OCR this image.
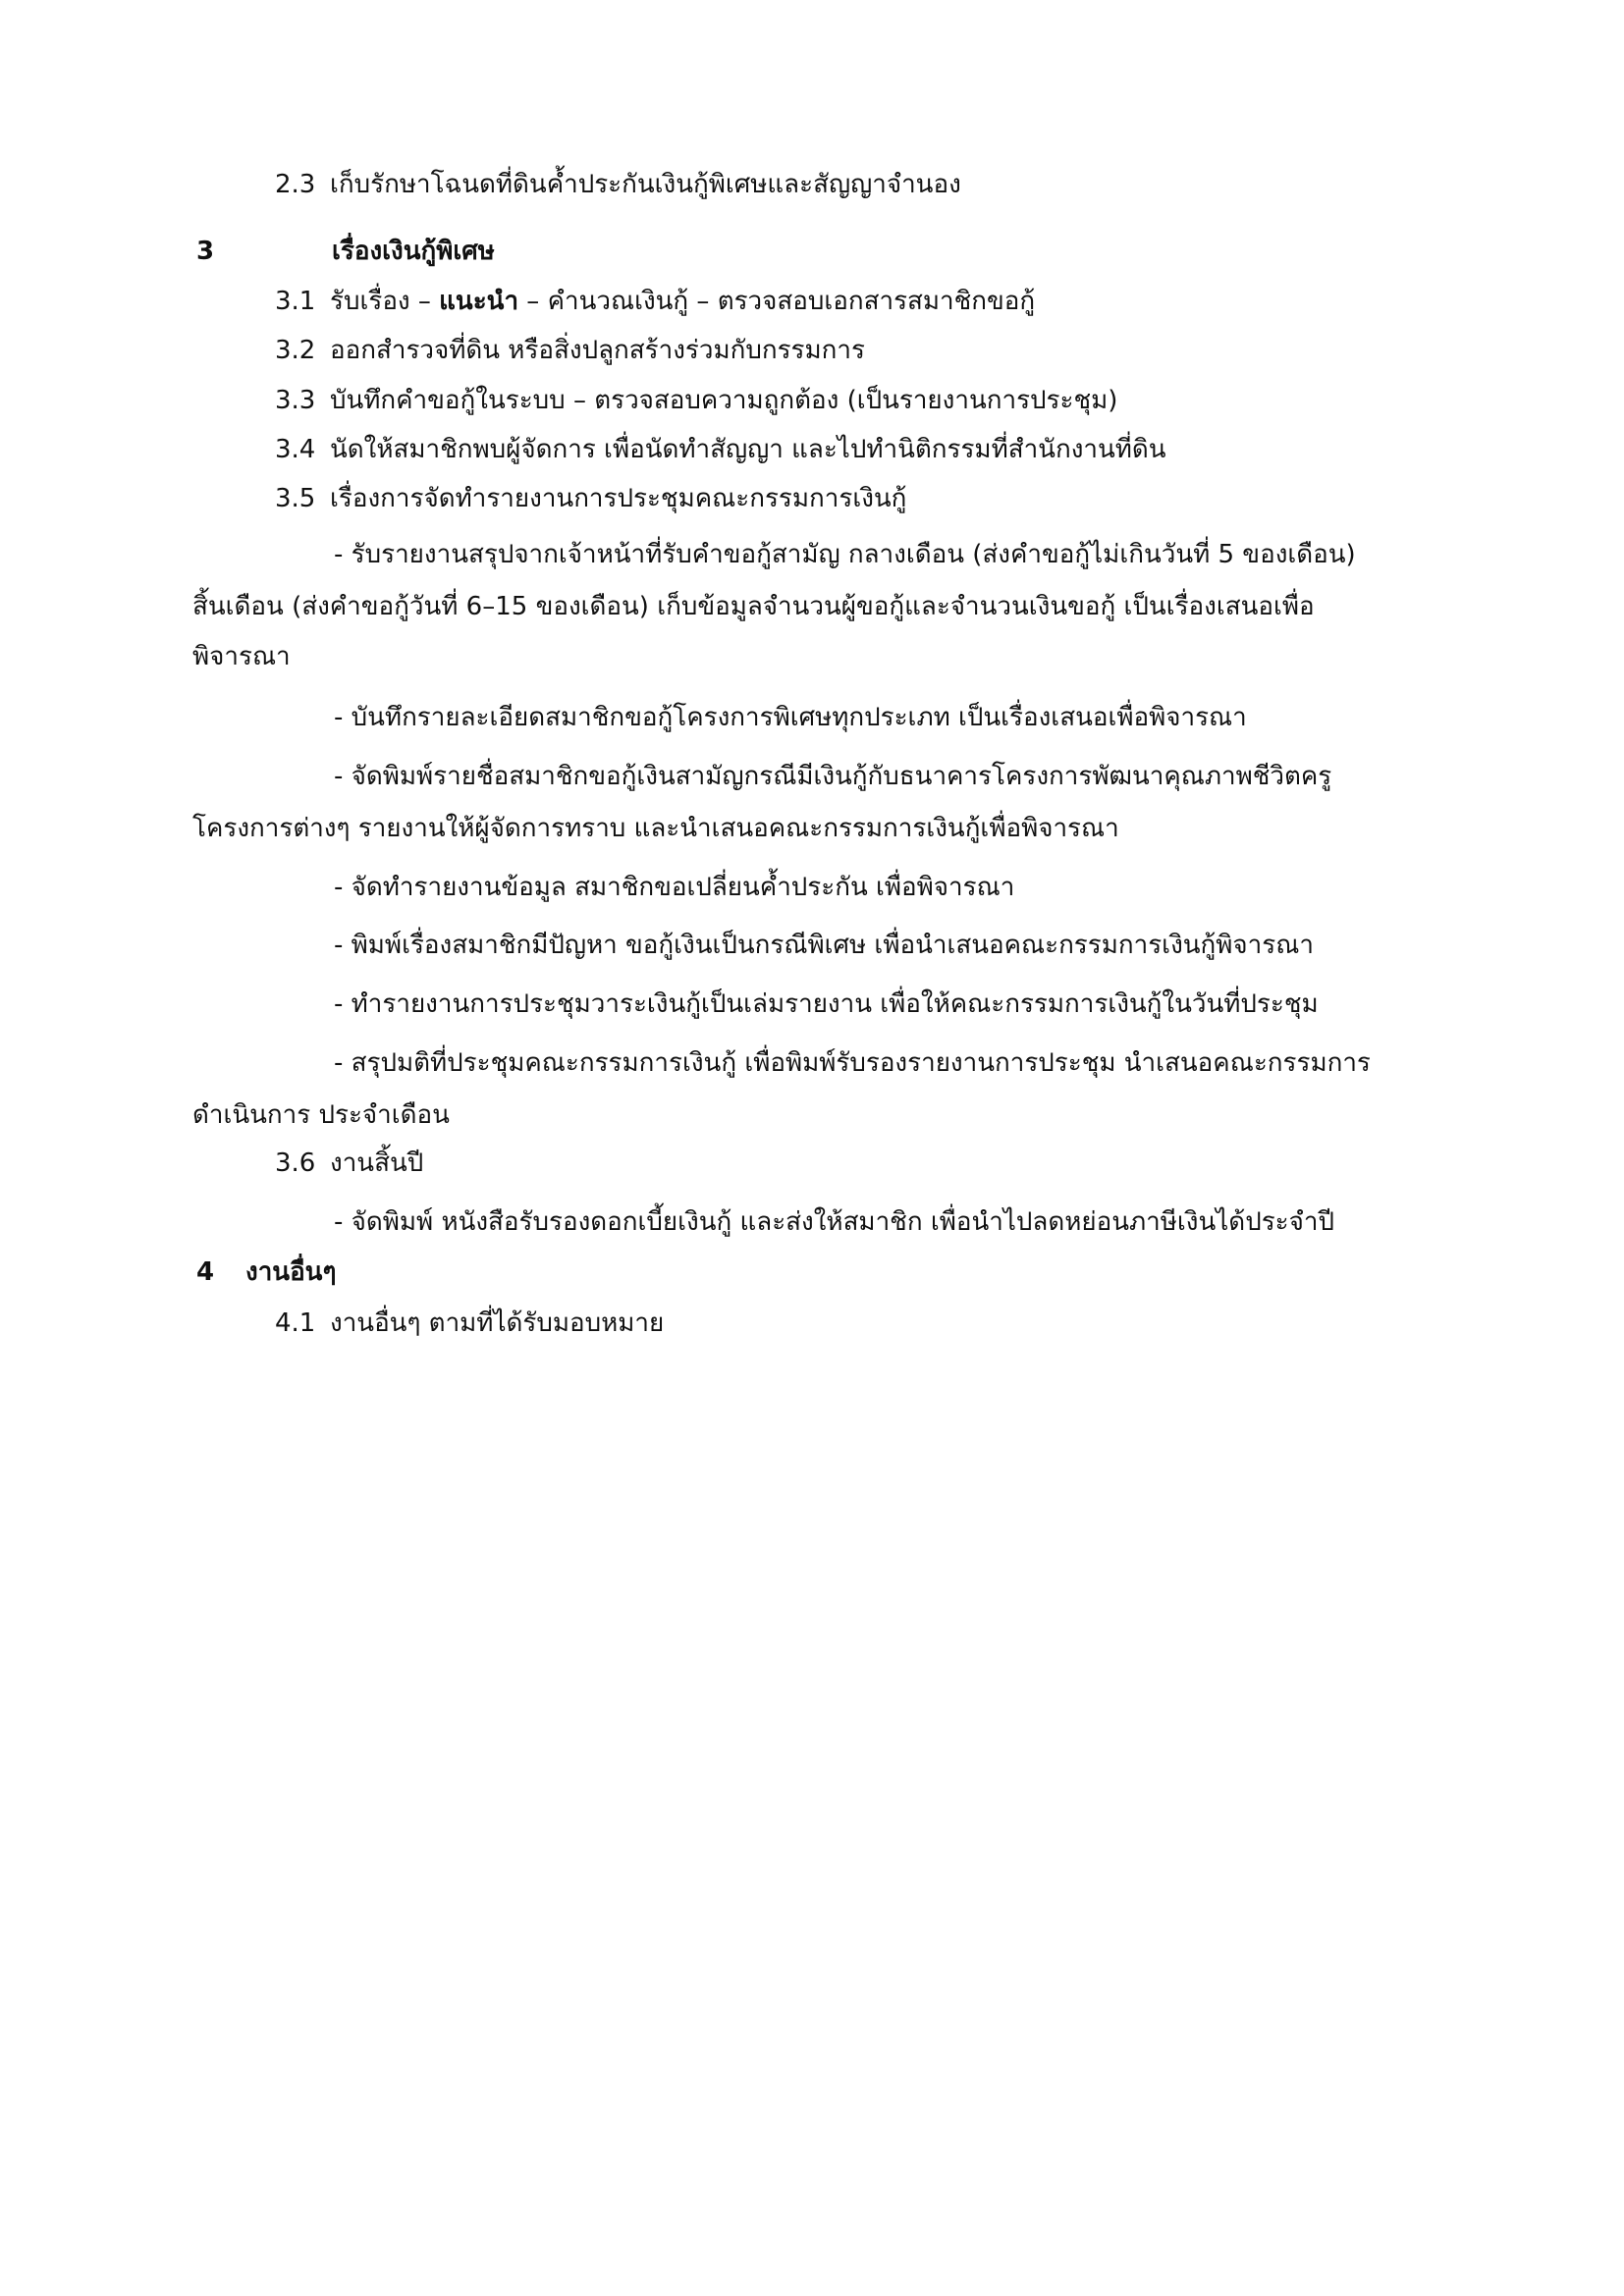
2.3 เก็บรักษาโฉนดที่ดินค้ำประกันเงินกู้พิเศษและสัญญาจำนอง
3	เรื่องเงินกู้พิเศษ
3.1 รับเรื่อง – แนะนำ – คำนวณเงินกู้ – ตรวจสอบเอกสารสมาชิกขอกู้
3.2 ออกสำรวจที่ดิน หรือสิ่งปลูกสร้างร่วมกับกรรมการ
3.3 บันทึกคำขอกู้ในระบบ – ตรวจสอบความถูกต้อง (เป็นรายงานการประชุม)
3.4 นัดให้สมาชิกพบผู้จัดการ เพื่อนัดทำสัญญา และไปทำนิติกรรมที่สำนักงานที่ดิน
3.5 เรื่องการจัดทำรายงานการประชุมคณะกรรมการเงินกู้
- รับรายงานสรุปจากเจ้าหน้าที่รับคำขอกู้สามัญ กลางเดือน (ส่งคำขอกู้ไม่เกินวันที่ 5 ของเดือน)
สิ้นเดือน (ส่งคำขอกู้วันที่ 6–15 ของเดือน) เก็บข้อมูลจำนวนผู้ขอกู้และจำนวนเงินขอกู้ เป็นเรื่องเสนอเพื่อ
พิจารณา
- บันทึกรายละเอียดสมาชิกขอกู้โครงการพิเศษทุกประเภท เป็นเรื่องเสนอเพื่อพิจารณา
- จัดพิมพ์รายชื่อสมาชิกขอกู้เงินสามัญกรณีมีเงินกู้กับธนาคารโครงการพัฒนาคุณภาพชีวิตครู
โครงการต่างๆ รายงานให้ผู้จัดการทราบ และนำเสนอคณะกรรมการเงินกู้เพื่อพิจารณา
- จัดทำรายงานข้อมูล สมาชิกขอเปลี่ยนค้ำประกัน เพื่อพิจารณา
- พิมพ์เรื่องสมาชิกมีปัญหา ขอกู้เงินเป็นกรณีพิเศษ เพื่อนำเสนอคณะกรรมการเงินกู้พิจารณา
- ทำรายงานการประชุมวาระเงินกู้เป็นเล่มรายงาน เพื่อให้คณะกรรมการเงินกู้ในวันที่ประชุม
- สรุปมติที่ประชุมคณะกรรมการเงินกู้ เพื่อพิมพ์รับรองรายงานการประชุม นำเสนอคณะกรรมการ
ดำเนินการ ประจำเดือน
3.6 งานสิ้นปี
- จัดพิมพ์ หนังสือรับรองดอกเบี้ยเงินกู้ และส่งให้สมาชิก เพื่อนำไปลดหย่อนภาษีเงินได้ประจำปี
4 งานอื่นๆ
4.1 งานอื่นๆ ตามที่ได้รับมอบหมาย
